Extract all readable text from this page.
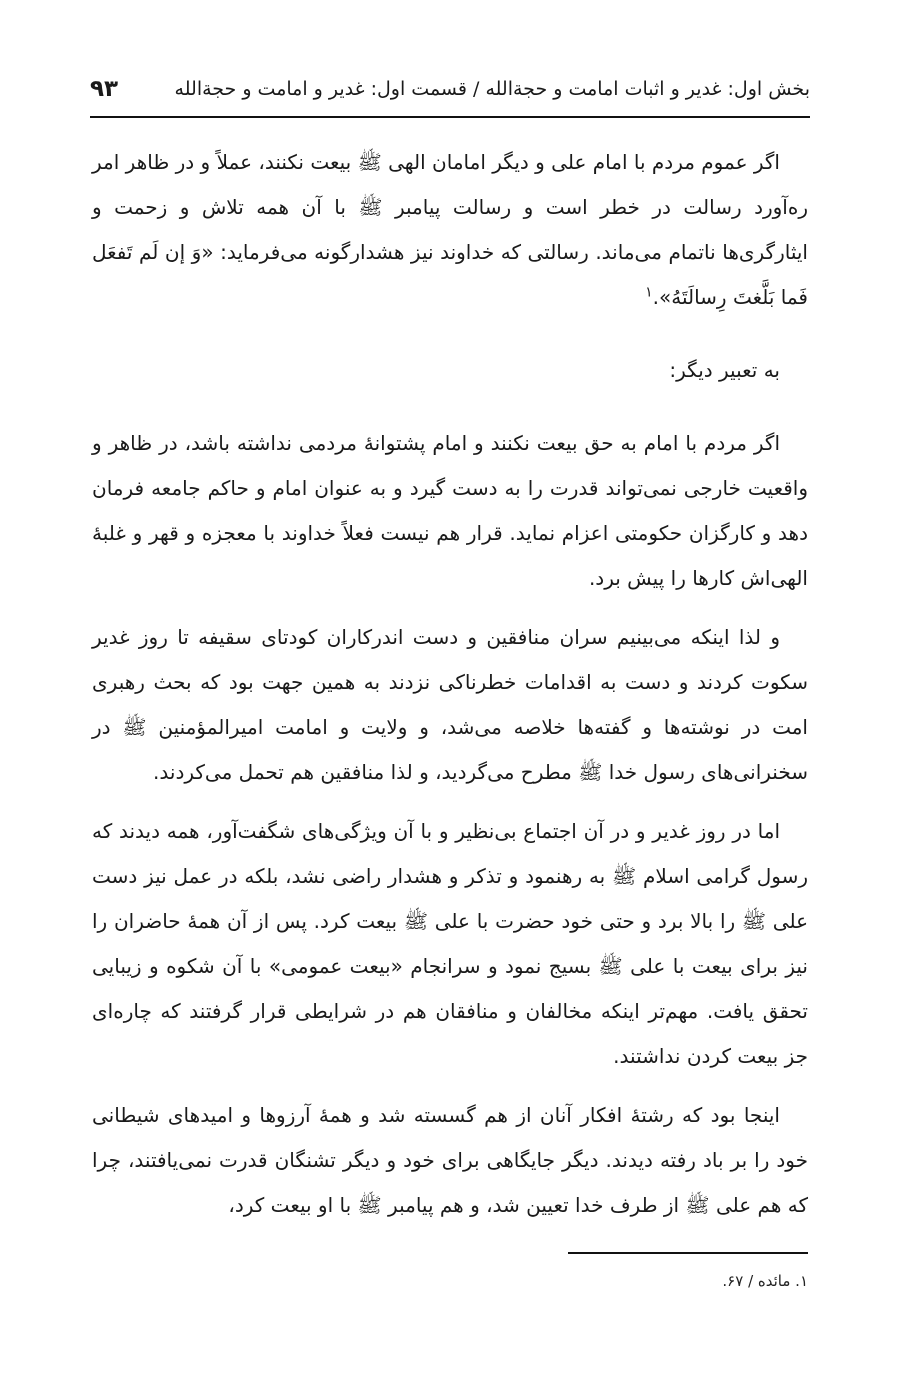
بخش اول: غدیر و اثبات امامت و حجةالله / قسمت اول: غدیر و امامت و حجةالله
۹۳

اگر عموم مردم با امام علی و دیگر امامان الهی ﷺ بیعت نکنند، عملاً و در ظاهر امر ره‌آورد رسالت در خطر است و رسالت پیامبر ﷺ با آن همه تلاش و زحمت و ایثارگری‌ها ناتمام می‌ماند. رسالتی که خداوند نیز هشدارگونه می‌فرماید: «وَ إن لَم تَفعَل فَما بَلَّغتَ رِسالَتَهُ».$^۱$

به تعبیر دیگر:

اگر مردم با امام به حق بیعت نکنند و امام پشتوانهٔ مردمی نداشته باشد، در ظاهر و واقعیت خارجی نمی‌تواند قدرت را به دست گیرد و به عنوان امام و حاکم جامعه فرمان دهد و کارگزان حکومتی اعزام نماید. قرار هم نیست فعلاً خداوند با معجزه و قهر و غلبهٔ الهی‌اش کارها را پیش برد.

و لذا اینکه می‌بینیم سران منافقین و دست اندرکاران کودتای سقیفه تا روز غدیر سکوت کردند و دست به اقدامات خطرناکی نزدند به همین جهت بود که بحث رهبری امت در نوشته‌ها و گفته‌ها خلاصه می‌شد، و ولایت و امامت امیرالمؤمنین ﷺ در سخنرانی‌های رسول خدا ﷺ مطرح می‌گردید، و لذا منافقین هم تحمل می‌کردند.

اما در روز غدیر و در آن اجتماع بی‌نظیر و با آن ویژگی‌های شگفت‌آور، همه دیدند که رسول گرامی اسلام ﷺ به رهنمود و تذکر و هشدار راضی نشد، بلکه در عمل نیز دست علی ﷺ را بالا برد و حتی خود حضرت با علی ﷺ بیعت کرد. پس از آن همهٔ حاضران را نیز برای بیعت با علی ﷺ بسیج نمود و سرانجام «بیعت عمومی» با آن شکوه و زیبایی تحقق یافت. مهم‌تر اینکه مخالفان و منافقان هم در شرایطی قرار گرفتند که چاره‌ای جز بیعت کردن نداشتند.

اینجا بود که رشتهٔ افکار آنان از هم گسسته شد و همهٔ آرزوها و امیدهای شیطانی خود را بر باد رفته دیدند. دیگر جایگاهی برای خود و دیگر تشنگان قدرت نمی‌یافتند، چرا که هم علی ﷺ از طرف خدا تعیین شد، و هم پیامبر ﷺ با او بیعت کرد،

۱. مائده / ۶۷.
